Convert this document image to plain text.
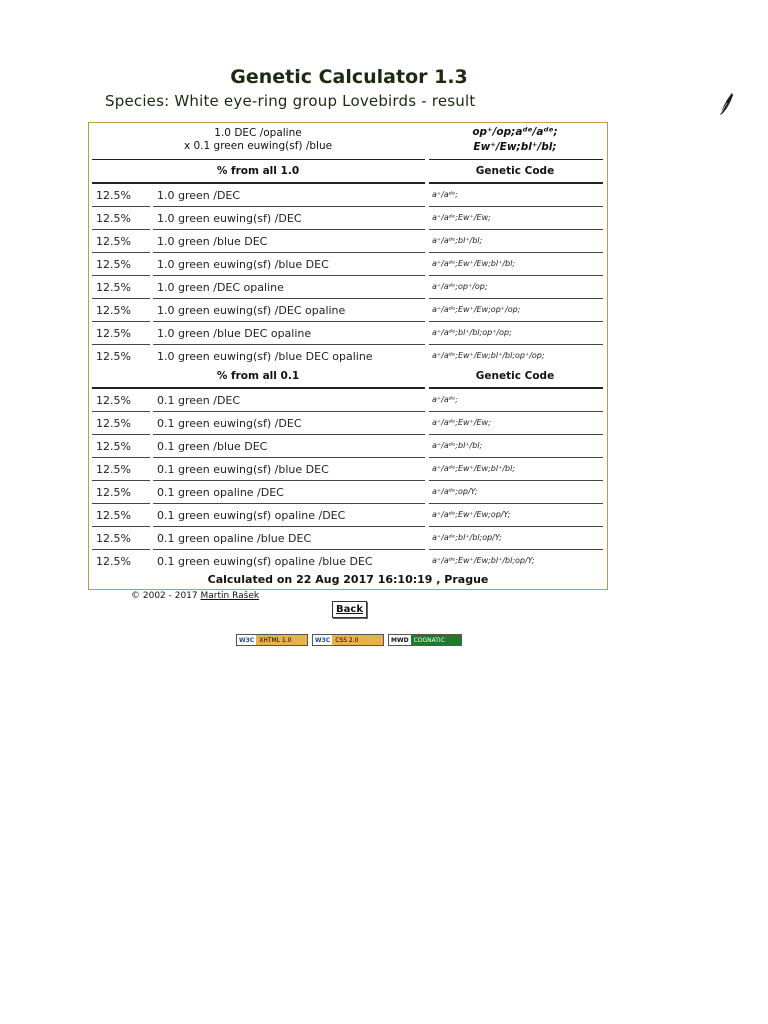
Genetic Calculator 1.3
Species: White eye-ring group Lovebirds - result
1.0 DEC /opaline
x 0.1 green euwing(sf) /blue
op⁺/op;aᵈᵉ/aᵈᵉ;
Ew⁺/Ew;bl⁺/bl;
% from all 1.0	Genetic Code
12.5% 1.0 green /DEC	a⁺/aᵈᵉ;
12.5% 1.0 green euwing(sf) /DEC	a⁺/aᵈᵉ;Ew⁺/Ew;
12.5% 1.0 green /blue DEC	a⁺/aᵈᵉ;bl⁺/bl;
12.5% 1.0 green euwing(sf) /blue DEC	a⁺/aᵈᵉ;Ew⁺/Ew;bl⁺/bl;
12.5% 1.0 green /DEC opaline	a⁺/aᵈᵉ;op⁺/op;
12.5% 1.0 green euwing(sf) /DEC opaline	a⁺/aᵈᵉ;Ew⁺/Ew;op⁺/op;
12.5% 1.0 green /blue DEC opaline	a⁺/aᵈᵉ;bl⁺/bl;op⁺/op;
12.5% 1.0 green euwing(sf) /blue DEC opaline	a⁺/aᵈᵉ;Ew⁺/Ew;bl⁺/bl;op⁺/op;
% from all 0.1	Genetic Code
12.5% 0.1 green /DEC	a⁺/aᵈᵉ;
12.5% 0.1 green euwing(sf) /DEC	a⁺/aᵈᵉ;Ew⁺/Ew;
12.5% 0.1 green /blue DEC	a⁺/aᵈᵉ;bl⁺/bl;
12.5% 0.1 green euwing(sf) /blue DEC	a⁺/aᵈᵉ;Ew⁺/Ew;bl⁺/bl;
12.5% 0.1 green opaline /DEC	a⁺/aᵈᵉ;op/Y;
12.5% 0.1 green euwing(sf) opaline /DEC	a⁺/aᵈᵉ;Ew⁺/Ew;op/Y;
12.5% 0.1 green opaline /blue DEC	a⁺/aᵈᵉ;bl⁺/bl;op/Y;
12.5% 0.1 green euwing(sf) opaline /blue DEC	a⁺/aᵈᵉ;Ew⁺/Ew;bl⁺/bl;op/Y;
Calculated on 22 Aug 2017 16:10:19 , Prague
© 2002 - 2017 Martin Rašek
Back
W3C XHTML 1.0	W3C CSS 2.0	MWD COGNATIC
